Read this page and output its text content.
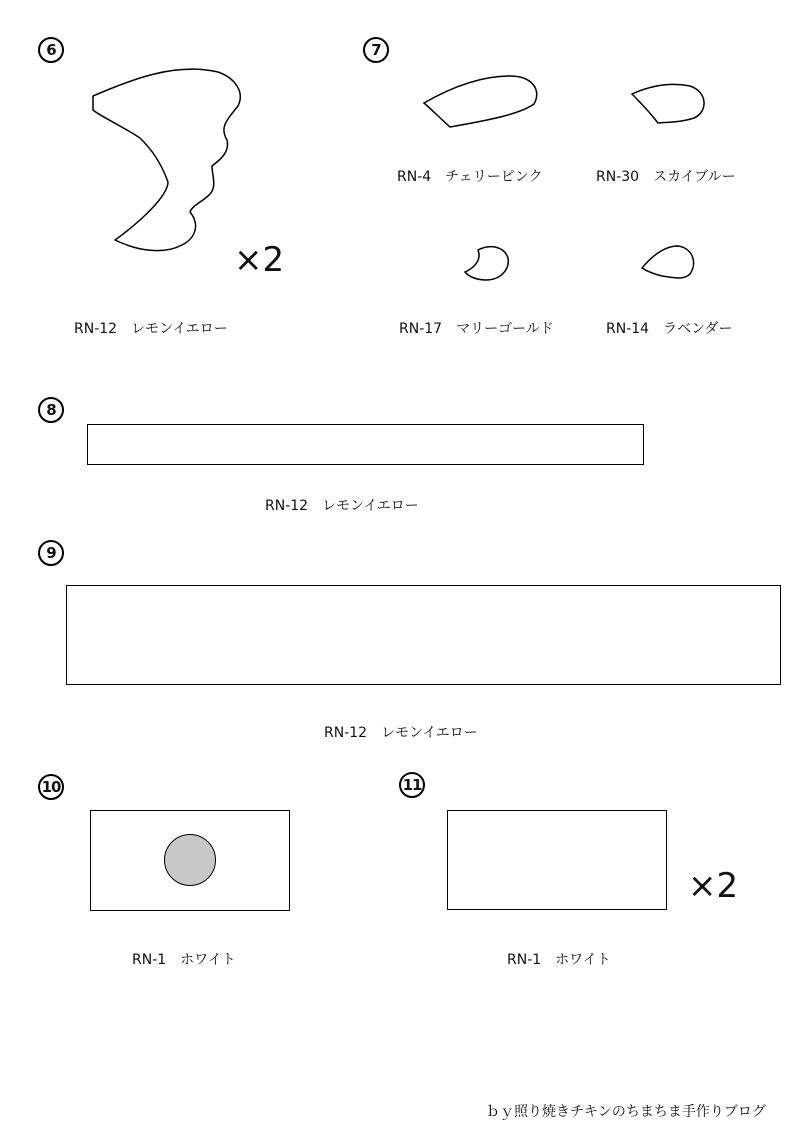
6
×2
RN-12　レモンイエロー
7
RN-4　チェリーピンク	RN-30　スカイブルー
RN-17　マリーゴールド	RN-14　ラベンダー
8
RN-12　レモンイエロー
9
RN-12　レモンイエロー
10
RN-1　ホワイト
11
×2
RN-1　ホワイト
ｂｙ照り焼きチキンのちまちま手作りブログ
